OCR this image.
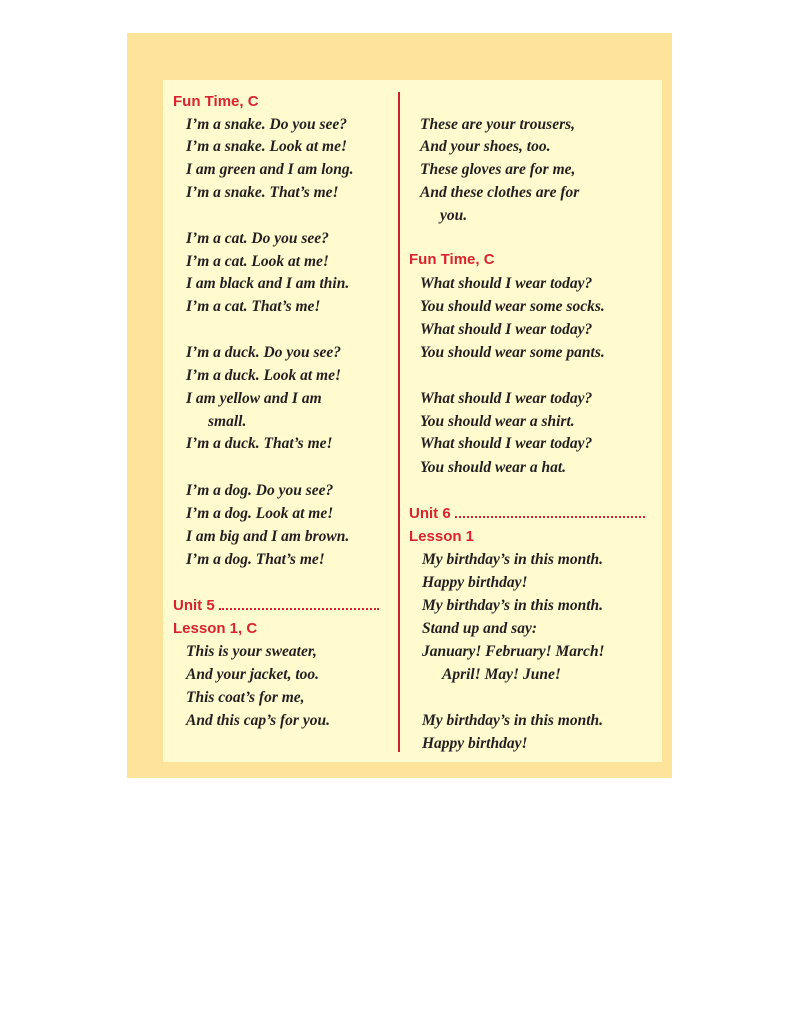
Fun Time, C
I’m a snake. Do you see?
I’m a snake. Look at me!
I am green and I am long.
I’m a snake. That’s me!
I’m a cat. Do you see?
I’m a cat. Look at me!
I am black and I am thin.
I’m a cat. That’s me!
I’m a duck. Do you see?
I’m a duck. Look at me!
I am yellow and I am
small.
I’m a duck. That’s me!
I’m a dog. Do you see?
I’m a dog. Look at me!
I am big and I am brown.
I’m a dog. That’s me!
Unit 5
Lesson 1, C
This is your sweater,
And your jacket, too.
This coat’s for me,
And this cap’s for you.
These are your trousers,
And your shoes, too.
These gloves are for me,
And these clothes are for
you.
Fun Time, C
What should I wear today?
You should wear some socks.
What should I wear today?
You should wear some pants.
What should I wear today?
You should wear a shirt.
What should I wear today?
You should wear a hat.
Unit 6
Lesson 1
My birthday’s in this month.
Happy birthday!
My birthday’s in this month.
Stand up and say:
January! February! March!
April! May! June!
My birthday’s in this month.
Happy birthday!
